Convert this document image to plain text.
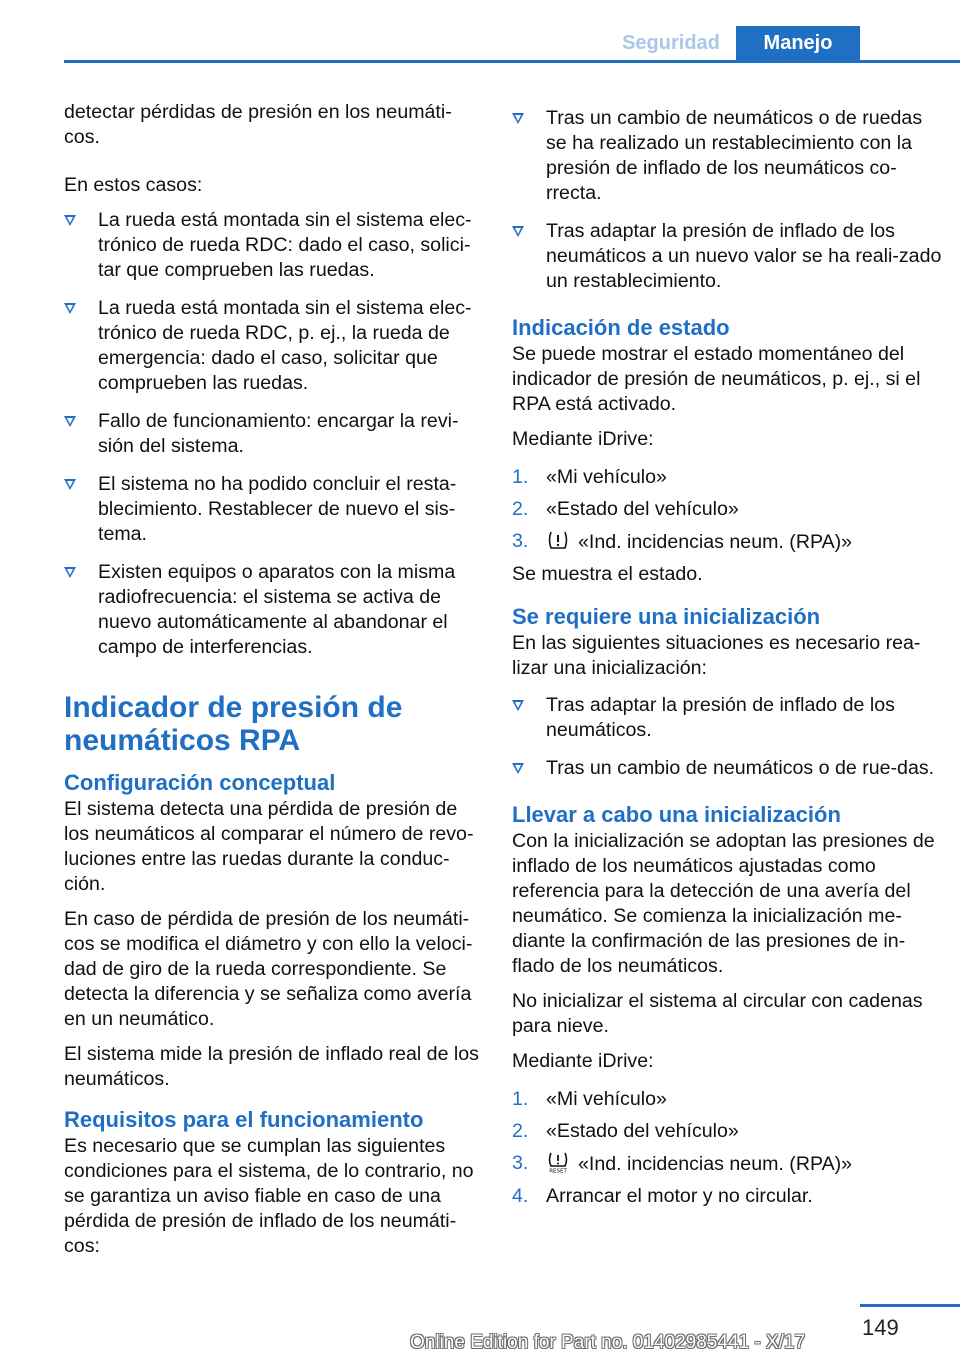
Seguridad	Manejo

detectar pérdidas de presión en los neumáti‐cos.

En estos casos:

La rueda está montada sin el sistema elec‐trónico de rueda RDC: dado el caso, solici‐tar que comprueben las ruedas.
La rueda está montada sin el sistema elec‐trónico de rueda RDC, p. ej., la rueda de emergencia: dado el caso, solicitar que comprueben las ruedas.
Fallo de funcionamiento: encargar la revi‐sión del sistema.
El sistema no ha podido concluir el resta‐blecimiento. Restablecer de nuevo el sis‐tema.
Existen equipos o aparatos con la misma radiofrecuencia: el sistema se activa de nuevo automáticamente al abandonar el campo de interferencias.
Indicador de presión de neumáticos RPA
Configuración conceptual

El sistema detecta una pérdida de presión de los neumáticos al comparar el número de revo‐luciones entre las ruedas durante la conduc‐ción.

En caso de pérdida de presión de los neumáti‐cos se modifica el diámetro y con ello la veloci‐dad de giro de la rueda correspondiente. Se detecta la diferencia y se señaliza como avería en un neumático.

El sistema mide la presión de inflado real de los neumáticos.

Requisitos para el funcionamiento

Es necesario que se cumplan las siguientes condiciones para el sistema, de lo contrario, no se garantiza un aviso fiable en caso de una pérdida de presión de inflado de los neumáti‐cos:

Tras un cambio de neumáticos o de ruedas se ha realizado un restablecimiento con la presión de inflado de los neumáticos co‐rrecta.
Tras adaptar la presión de inflado de los neumáticos a un nuevo valor se ha reali‐zado un restablecimiento.
Indicación de estado

Se puede mostrar el estado momentáneo del indicador de presión de neumáticos, p. ej., si el RPA está activado.

Mediante iDrive:

1. «Mi vehículo»
2. «Estado del vehículo»
3.	«Ind. incidencias neum. (RPA)»

Se muestra el estado.

Se requiere una inicialización

En las siguientes situaciones es necesario rea‐lizar una inicialización:

Tras adaptar la presión de inflado de los neumáticos.
Tras un cambio de neumáticos o de rue‐das.
Llevar a cabo una inicialización

Con la inicialización se adoptan las presiones de inflado de los neumáticos ajustadas como referencia para la detección de una avería del neumático. Se comienza la inicialización me‐diante la confirmación de las presiones de in‐flado de los neumáticos.

No inicializar el sistema al circular con cadenas para nieve.

Mediante iDrive:

1. «Mi vehículo»
2. «Estado del vehículo»
3.	RESET «Ind. incidencias neum. (RPA)»
4. Arrancar el motor y no circular.
149
Online Edition for Part no. 01402985441 - X/17
